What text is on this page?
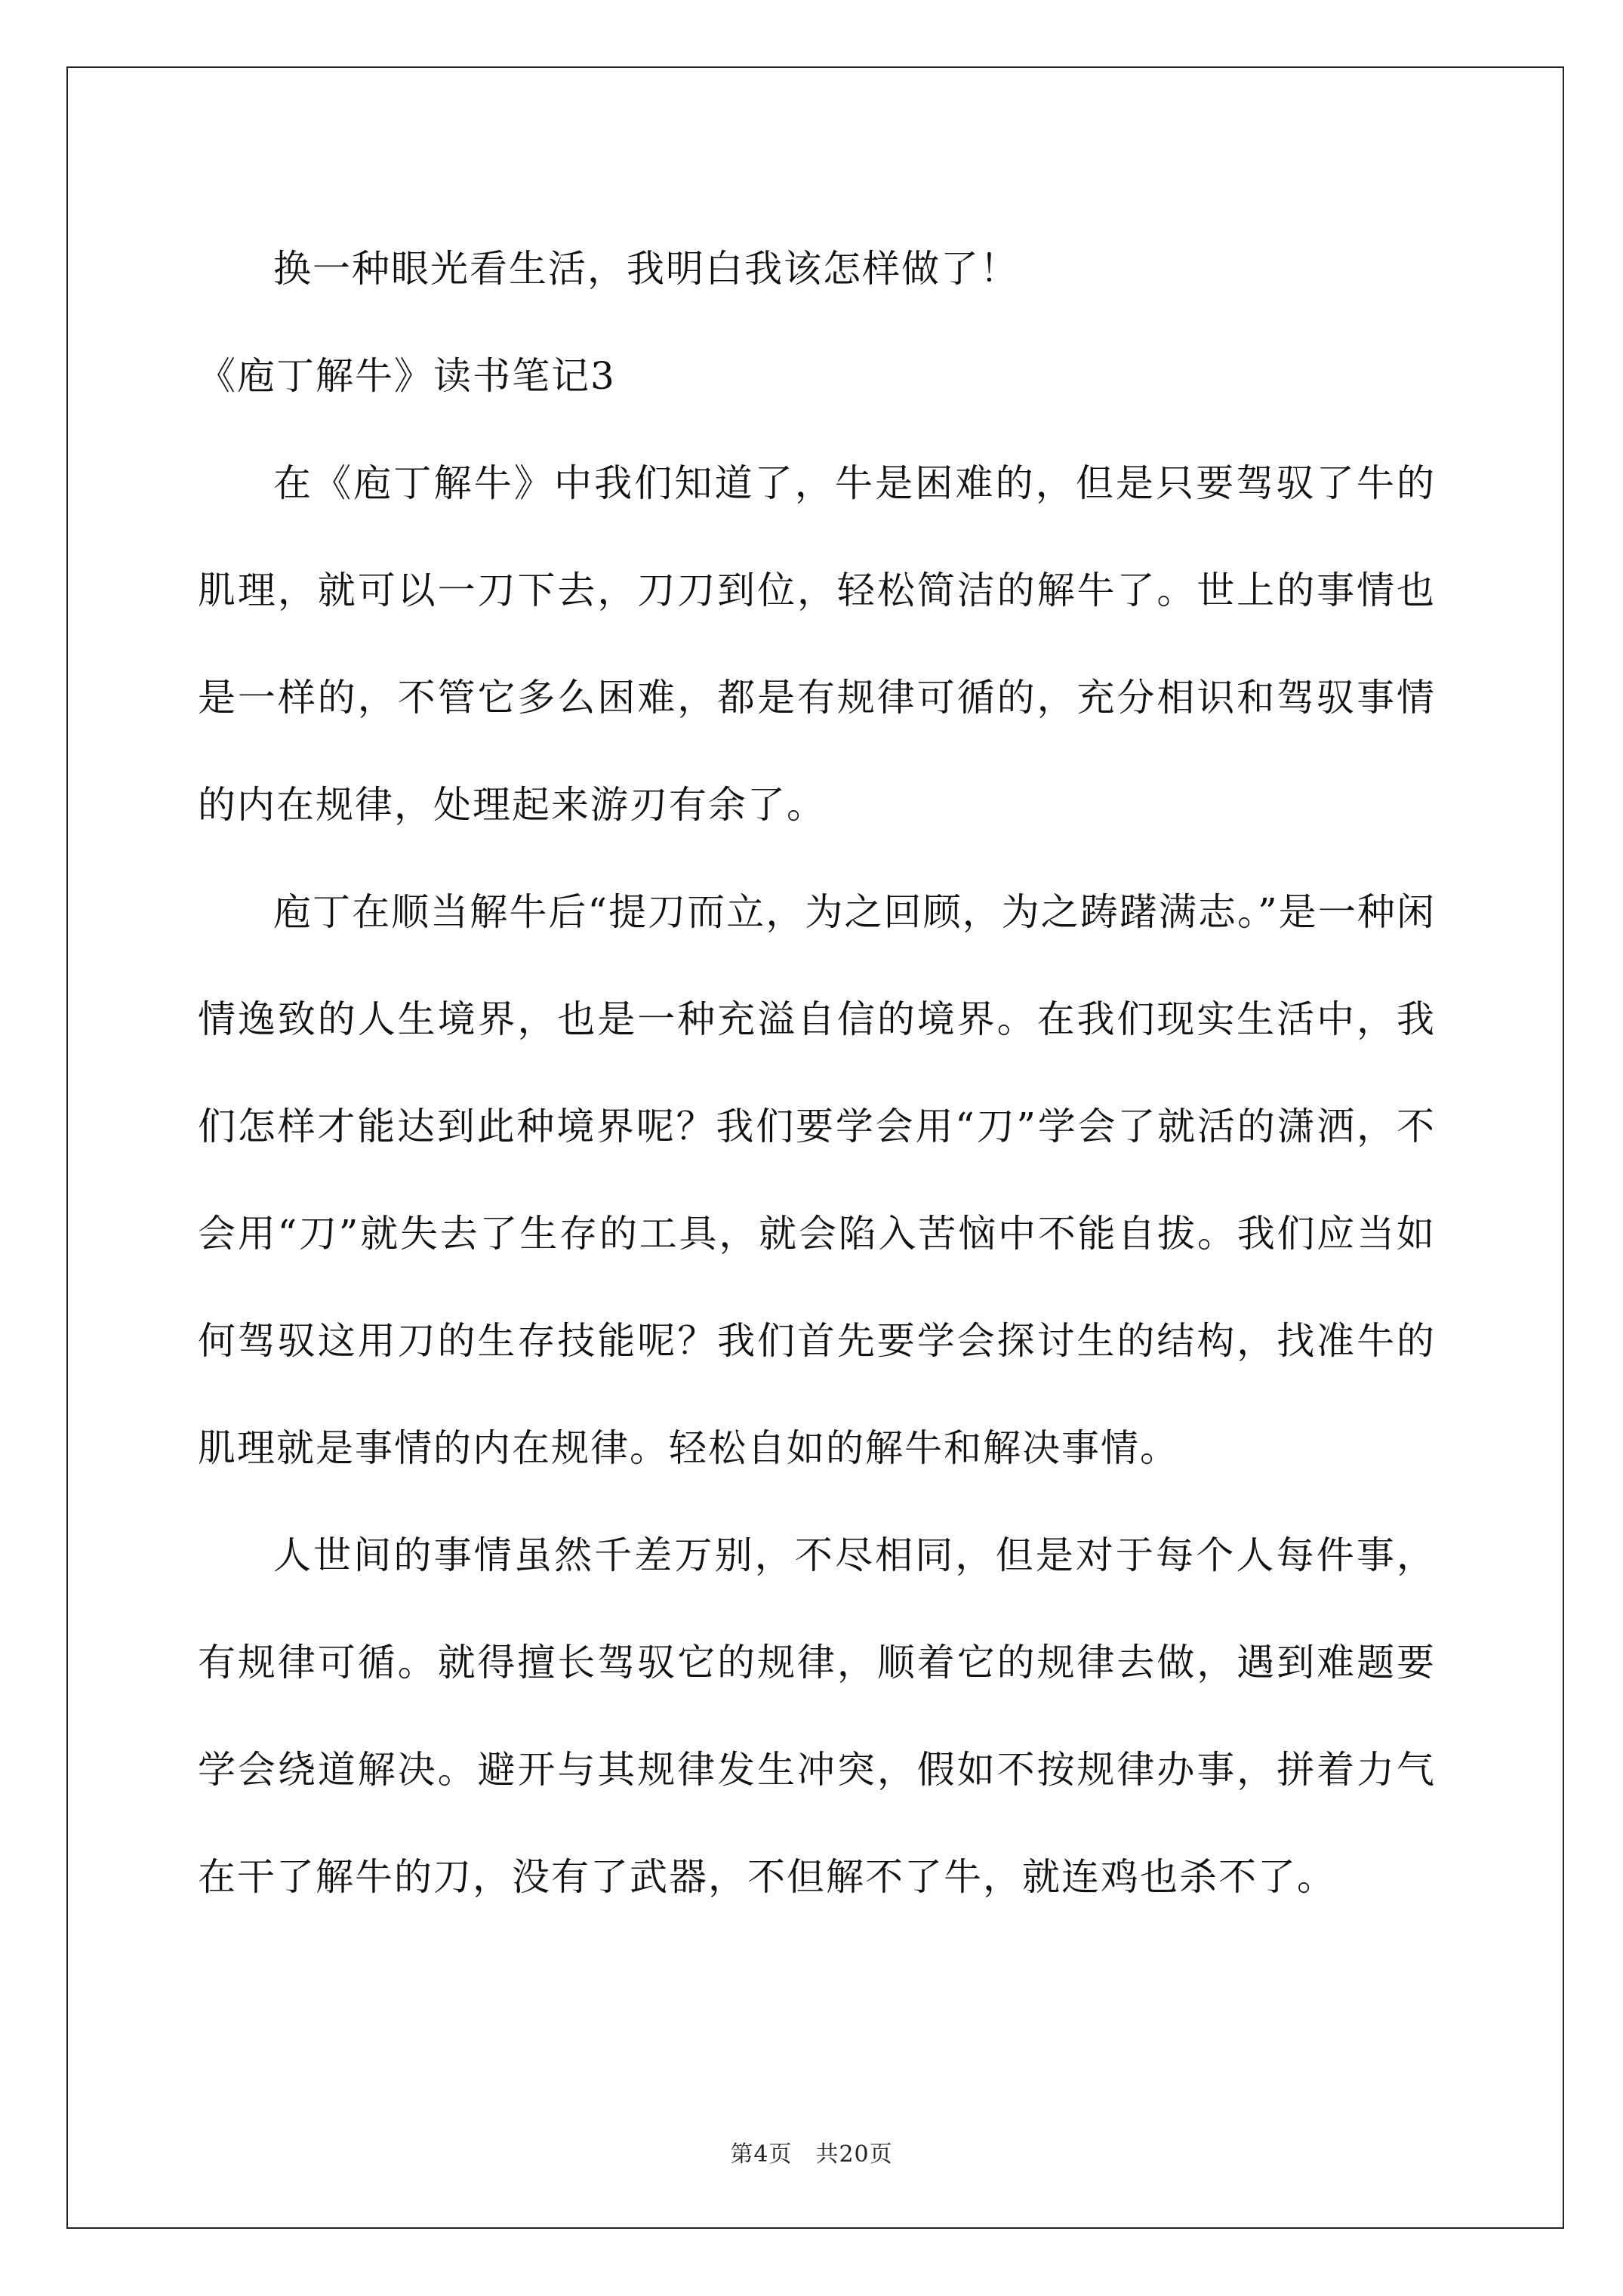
换一种眼光看生活，我明白我该怎样做了！

《庖丁解牛》读书笔记3

在《庖丁解牛》中我们知道了，牛是困难的，但是只要驾驭了牛的肌理，就可以一刀下去，刀刀到位，轻松简洁的解牛了。世上的事情也是一样的，不管它多么困难，都是有规律可循的，充分相识和驾驭事情的内在规律，处理起来游刃有余了。

庖丁在顺当解牛后“提刀而立，为之回顾，为之踌躇满志。”是一种闲情逸致的人生境界，也是一种充溢自信的境界。在我们现实生活中，我们怎样才能达到此种境界呢？我们要学会用“刀”学会了就活的潇洒，不会用“刀”就失去了生存的工具，就会陷入苦恼中不能自拔。我们应当如何驾驭这用刀的生存技能呢？我们首先要学会探讨生的结构，找准牛的肌理就是事情的内在规律。轻松自如的解牛和解决事情。

人世间的事情虽然千差万别，不尽相同，但是对于每个人每件事，有规律可循。就得擅长驾驭它的规律，顺着它的规律去做，遇到难题要学会绕道解决。避开与其规律发生冲突，假如不按规律办事，拼着力气在干了解牛的刀，没有了武器，不但解不了牛，就连鸡也杀不了。

第4页　共20页
